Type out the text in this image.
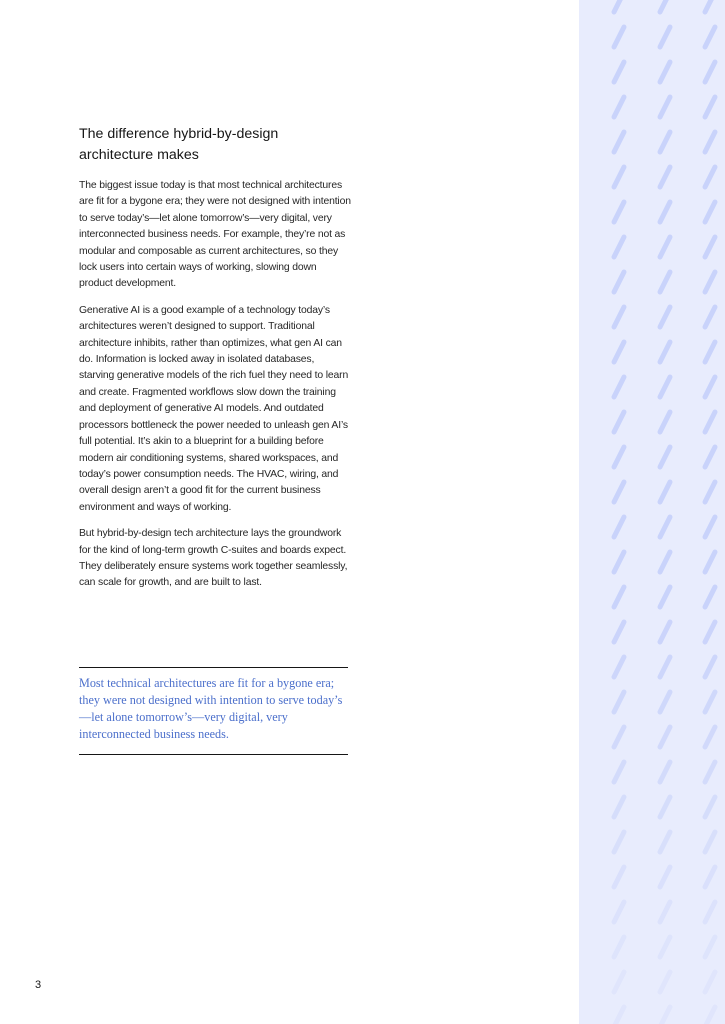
The difference hybrid-by-design architecture makes

The biggest issue today is that most technical architectures are fit for a bygone era; they were not designed with intention to serve today’s—let alone tomorrow’s—very digital, very interconnected business needs. For example, they’re not as modular and composable as current architectures, so they lock users into certain ways of working, slowing down product development.

Generative AI is a good example of a technology today’s architectures weren’t designed to support. Traditional architecture inhibits, rather than optimizes, what gen AI can do. Information is locked away in isolated databases, starving generative models of the rich fuel they need to learn and create. Fragmented workflows slow down the training and deployment of generative AI models. And outdated processors bottleneck the power needed to unleash gen AI’s full potential. It’s akin to a blueprint for a building before modern air conditioning systems, shared workspaces, and today’s power consumption needs. The HVAC, wiring, and overall design aren’t a good fit for the current business environment and ways of working.

But hybrid-by-design tech architecture lays the groundwork for the kind of long-term growth C-suites and boards expect. They deliberately ensure systems work together seamlessly, can scale for growth, and are built to last.

Most technical architectures are fit for a bygone era; they were not designed with intention to serve today’s—let alone tomorrow’s—very digital, very interconnected business needs.

3
